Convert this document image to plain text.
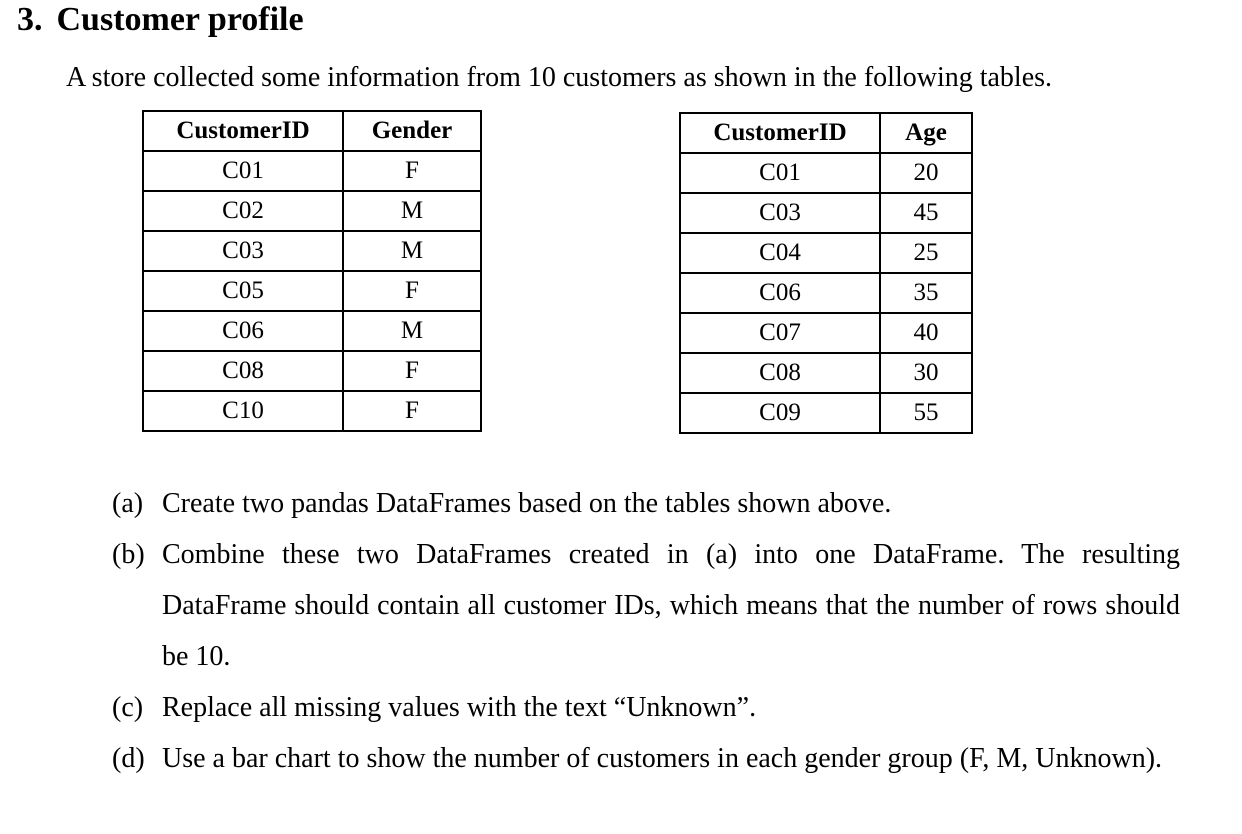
3. Customer profile
A store collected some information from 10 customers as shown in the following tables.
CustomerID	Gender
C01	F
C02	M
C03	M
C05	F
C06	M
C08	F
C10	F
CustomerID	Age
C01	20
C03	45
C04	25
C06	35
C07	40
C08	30
C09	55
(a) Create two pandas DataFrames based on the tables shown above.
(b) Combine these two DataFrames created in (a) into one DataFrame. The resulting DataFrame should contain all customer IDs, which means that the number of rows should be 10.
(c) Replace all missing values with the text “Unknown”.
(d) Use a bar chart to show the number of customers in each gender group (F, M, Unknown).
